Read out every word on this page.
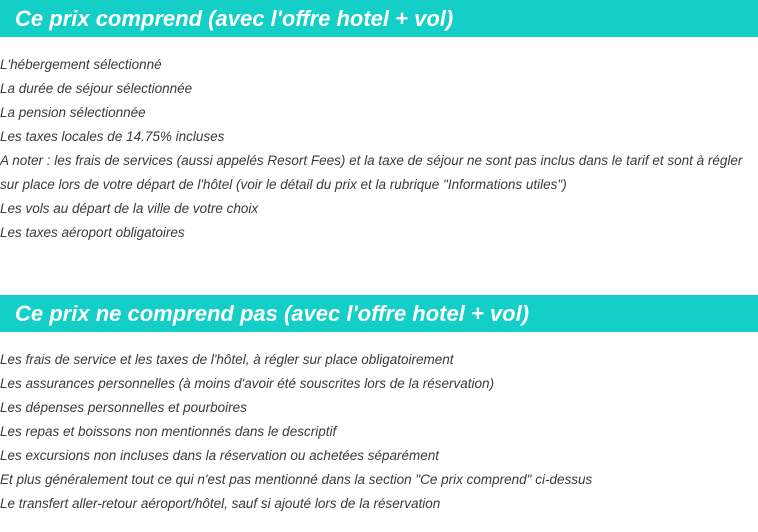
Ce prix comprend (avec l'offre hotel + vol)
L'hébergement sélectionné
La durée de séjour sélectionnée
La pension sélectionnée
Les taxes locales de 14.75% incluses
A noter : les frais de services (aussi appelés Resort Fees) et la taxe de séjour ne sont pas inclus dans le tarif et sont à régler sur place lors de votre départ de l'hôtel (voir le détail du prix et la rubrique "Informations utiles")
Les vols au départ de la ville de votre choix
Les taxes aéroport obligatoires
Ce prix ne comprend pas (avec l'offre hotel + vol)
Les frais de service et les taxes de l'hôtel, à régler sur place obligatoirement
Les assurances personnelles (à moins d'avoir été souscrites lors de la réservation)
Les dépenses personnelles et pourboires
Les repas et boissons non mentionnés dans le descriptif
Les excursions non incluses dans la réservation ou achetées séparément
Et plus généralement tout ce qui n'est pas mentionné dans la section "Ce prix comprend" ci-dessus
Le transfert aller-retour aéroport/hôtel, sauf si ajouté lors de la réservation
